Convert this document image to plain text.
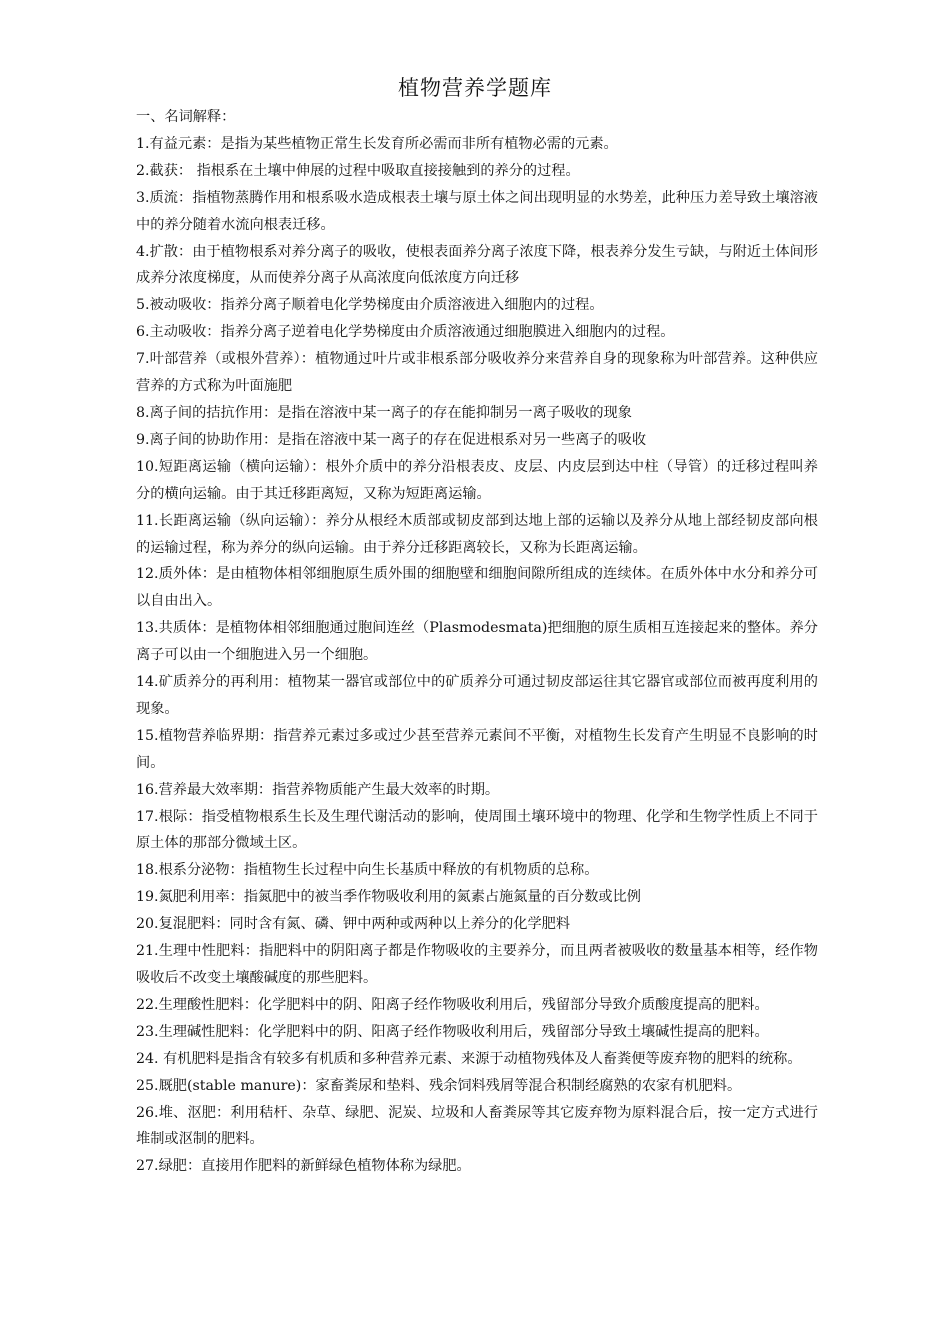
植物营养学题库

一、名词解释：

1.有益元素：是指为某些植物正常生长发育所必需而非所有植物必需的元素。

2.截获： 指根系在土壤中伸展的过程中吸取直接接触到的养分的过程。

3.质流：指植物蒸腾作用和根系吸水造成根表土壤与原土体之间出现明显的水势差，此种压力差导致土壤溶液中的养分随着水流向根表迁移。

4.扩散：由于植物根系对养分离子的吸收，使根表面养分离子浓度下降，根表养分发生亏缺，与附近土体间形成养分浓度梯度，从而使养分离子从高浓度向低浓度方向迁移

5.被动吸收：指养分离子顺着电化学势梯度由介质溶液进入细胞内的过程。

6.主动吸收：指养分离子逆着电化学势梯度由介质溶液通过细胞膜进入细胞内的过程。

7.叶部营养（或根外营养）：植物通过叶片或非根系部分吸收养分来营养自身的现象称为叶部营养。这种供应营养的方式称为叶面施肥

8.离子间的拮抗作用：是指在溶液中某一离子的存在能抑制另一离子吸收的现象

9.离子间的协助作用：是指在溶液中某一离子的存在促进根系对另一些离子的吸收

10.短距离运输（横向运输）：根外介质中的养分沿根表皮、皮层、内皮层到达中柱（导管）的迁移过程叫养分的横向运输。由于其迁移距离短，又称为短距离运输。

11.长距离运输（纵向运输）：养分从根经木质部或韧皮部到达地上部的运输以及养分从地上部经韧皮部向根的运输过程，称为养分的纵向运输。由于养分迁移距离较长，又称为长距离运输。

12.质外体：是由植物体相邻细胞原生质外围的细胞壁和细胞间隙所组成的连续体。在质外体中水分和养分可以自由出入。

13.共质体：是植物体相邻细胞通过胞间连丝（Plasmodesmata)把细胞的原生质相互连接起来的整体。养分离子可以由一个细胞进入另一个细胞。

14.矿质养分的再利用：植物某一器官或部位中的矿质养分可通过韧皮部运往其它器官或部位而被再度利用的现象。

15.植物营养临界期：指营养元素过多或过少甚至营养元素间不平衡，对植物生长发育产生明显不良影响的时间。

16.营养最大效率期：指营养物质能产生最大效率的时期。

17.根际：指受植物根系生长及生理代谢活动的影响，使周围土壤环境中的物理、化学和生物学性质上不同于原土体的那部分微域土区。

18.根系分泌物：指植物生长过程中向生长基质中释放的有机物质的总称。

19.氮肥利用率：指氮肥中的被当季作物吸收利用的氮素占施氮量的百分数或比例

20.复混肥料：同时含有氮、磷、钾中两种或两种以上养分的化学肥料

21.生理中性肥料：指肥料中的阴阳离子都是作物吸收的主要养分，而且两者被吸收的数量基本相等，经作物吸收后不改变土壤酸碱度的那些肥料。

22.生理酸性肥料：化学肥料中的阴、阳离子经作物吸收利用后，残留部分导致介质酸度提高的肥料。

23.生理碱性肥料：化学肥料中的阴、阳离子经作物吸收利用后，残留部分导致土壤碱性提高的肥料。

24. 有机肥料是指含有较多有机质和多种营养元素、来源于动植物残体及人畜粪便等废弃物的肥料的统称。

25.厩肥(stable manure)：家畜粪尿和垫料、残余饲料残屑等混合积制经腐熟的农家有机肥料。

26.堆、沤肥：利用秸杆、杂草、绿肥、泥炭、垃圾和人畜粪尿等其它废弃物为原料混合后，按一定方式进行堆制或沤制的肥料。

27.绿肥：直接用作肥料的新鲜绿色植物体称为绿肥。
